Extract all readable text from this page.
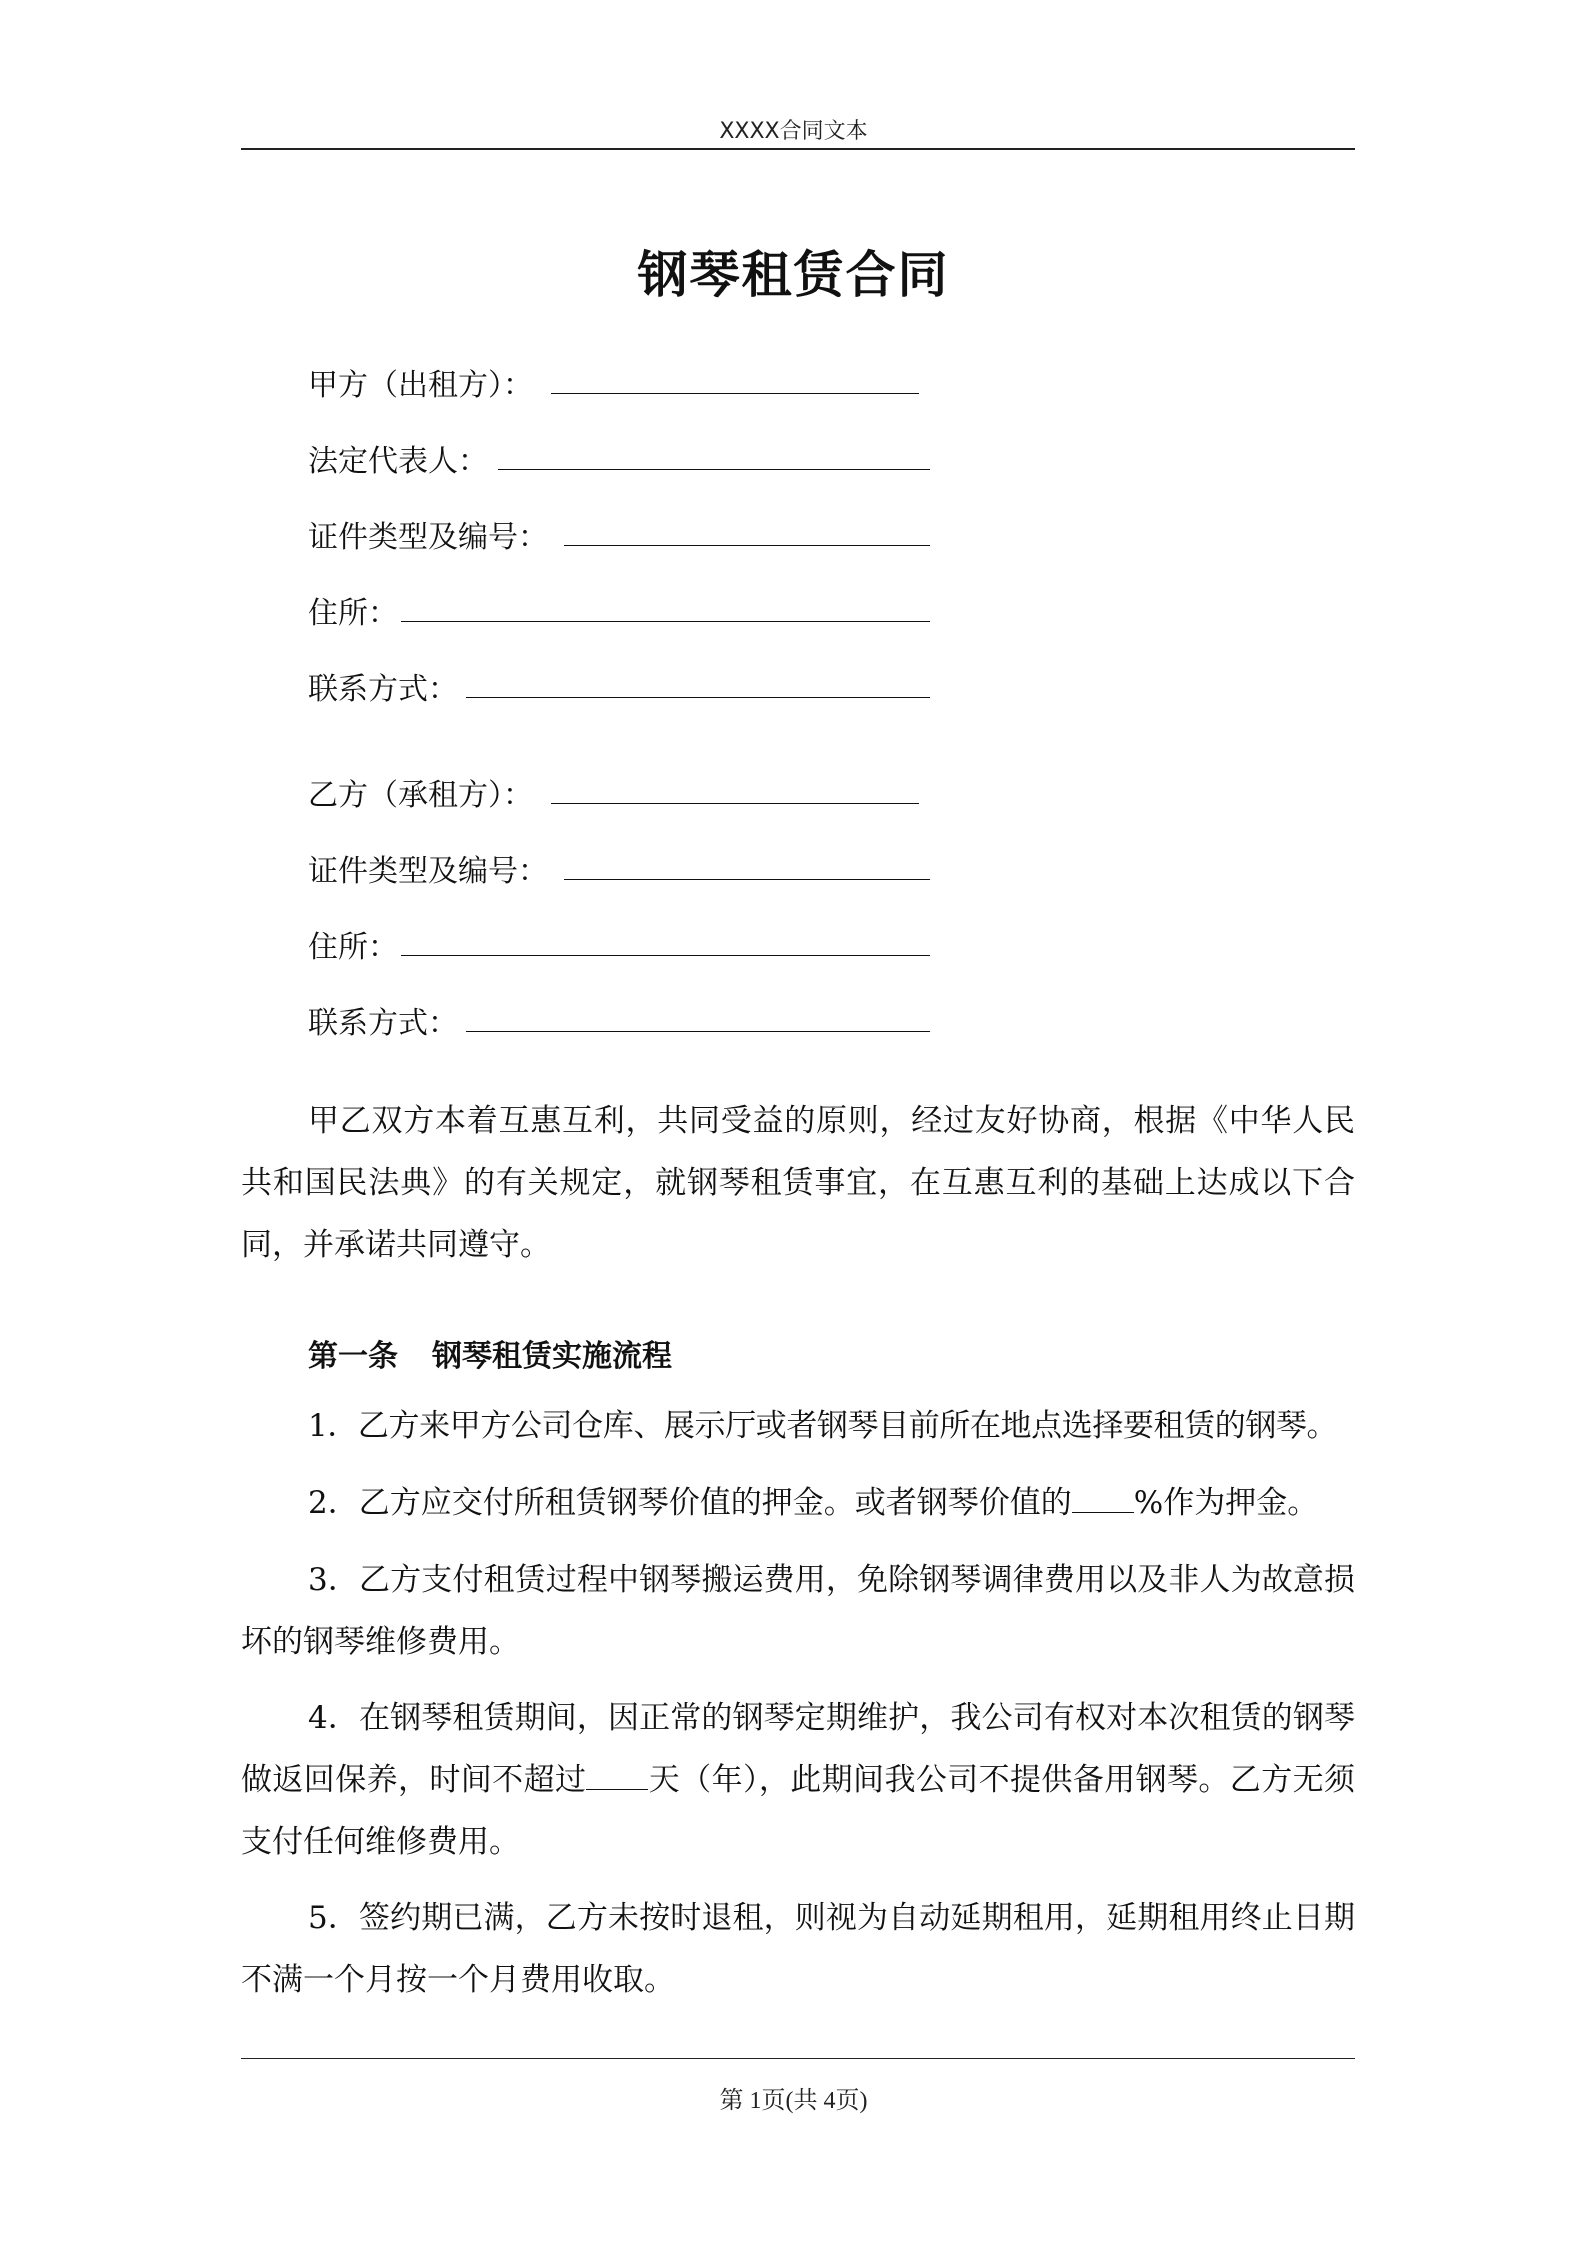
XXXX合同文本
钢琴租赁合同
甲方（出租方）：
法定代表人：
证件类型及编号：
住所：
联系方式：
乙方（承租方）：
证件类型及编号：
住所：
联系方式：

甲乙双方本着互惠互利，共同受益的原则，经过友好协商，根据《中华人民共和国民法典》的有关规定，就钢琴租赁事宜，在互惠互利的基础上达成以下合同，并承诺共同遵守。

第一条 钢琴租赁实施流程

1．乙方来甲方公司仓库、展示厅或者钢琴目前所在地点选择要租赁的钢琴。

2．乙方应交付所租赁钢琴价值的押金。或者钢琴价值的 %作为押金。

3．乙方支付租赁过程中钢琴搬运费用，免除钢琴调律费用以及非人为故意损坏的钢琴维修费用。

4．在钢琴租赁期间，因正常的钢琴定期维护，我公司有权对本次租赁的钢琴做返回保养，时间不超过 天（年），此期间我公司不提供备用钢琴。乙方无须支付任何维修费用。

5．签约期已满，乙方未按时退租，则视为自动延期租用，延期租用终止日期不满一个月按一个月费用收取。

第 1页(共 4页)
